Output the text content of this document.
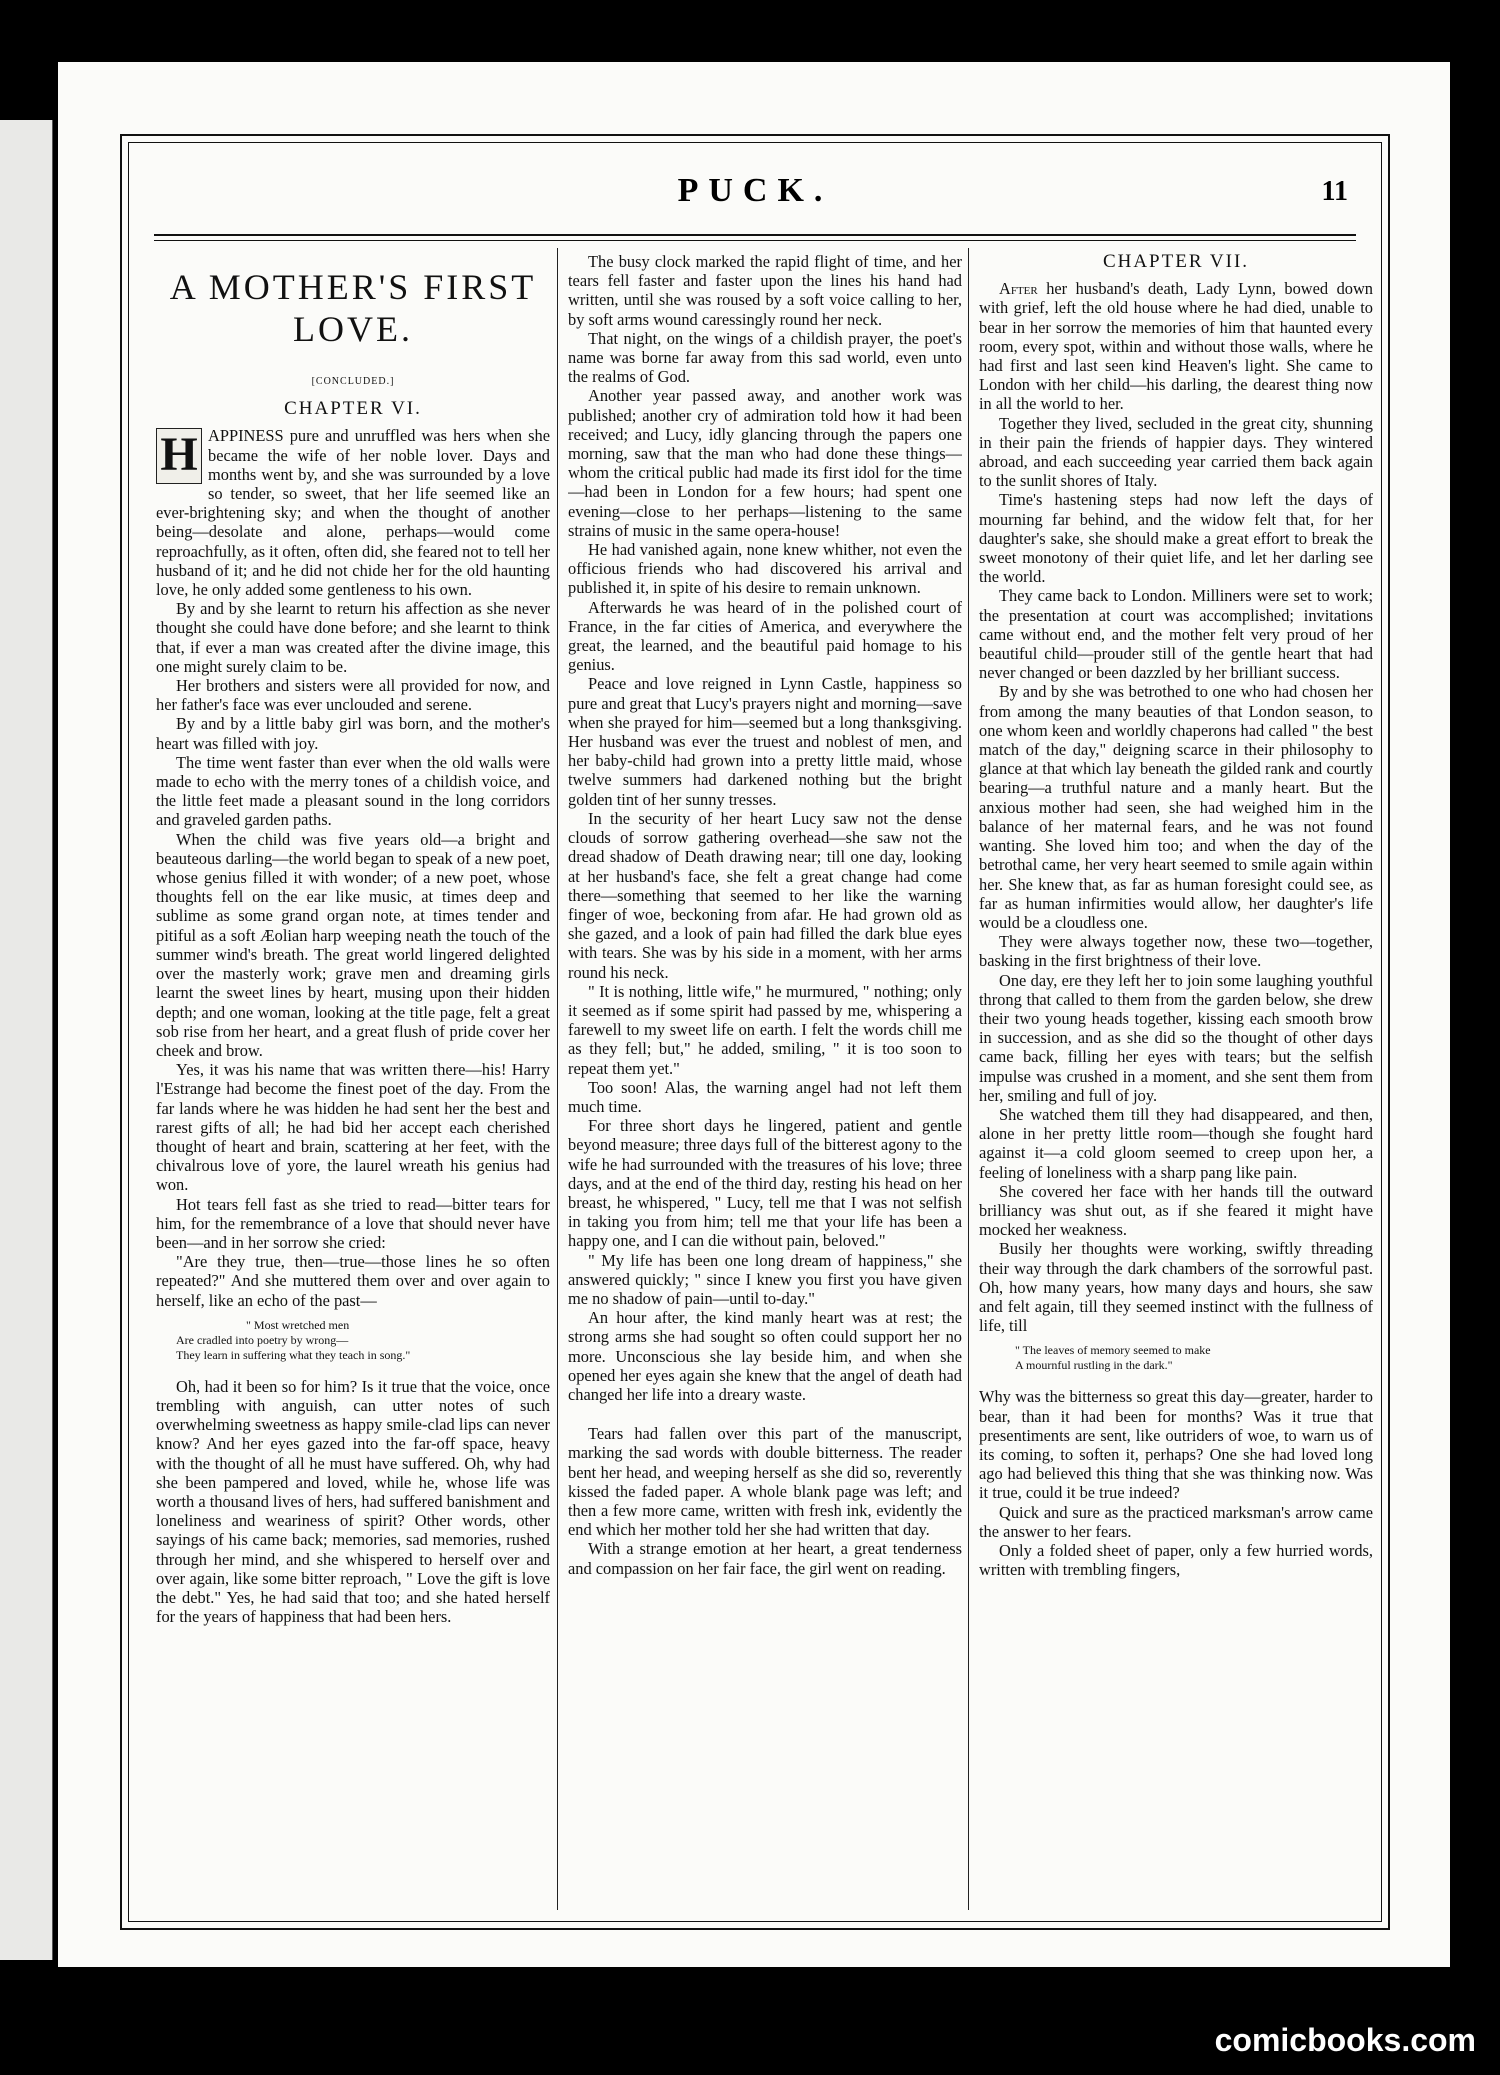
PUCK.	11
A MOTHER'S FIRST LOVE.
[CONCLUDED.]
CHAPTER VI.

H APPINESS pure and unruffled was hers when she became the wife of her noble lover. Days and months went by, and she was surrounded by a love so tender, so sweet, that her life seemed like an ever-brightening sky; and when the thought of another being—desolate and alone, perhaps—would come reproachfully, as it often, often did, she feared not to tell her husband of it; and he did not chide her for the old haunting love, he only added some gentleness to his own.

By and by she learnt to return his affection as she never thought she could have done before; and she learnt to think that, if ever a man was created after the divine image, this one might surely claim to be.

Her brothers and sisters were all provided for now, and her father's face was ever unclouded and serene.

By and by a little baby girl was born, and the mother's heart was filled with joy.

The time went faster than ever when the old walls were made to echo with the merry tones of a childish voice, and the little feet made a pleasant sound in the long corridors and graveled garden paths.

When the child was five years old—a bright and beauteous darling—the world began to speak of a new poet, whose genius filled it with wonder; of a new poet, whose thoughts fell on the ear like music, at times deep and sublime as some grand organ note, at times tender and pitiful as a soft Æolian harp weeping neath the touch of the summer wind's breath. The great world lingered delighted over the masterly work; grave men and dreaming girls learnt the sweet lines by heart, musing upon their hidden depth; and one woman, looking at the title page, felt a great sob rise from her heart, and a great flush of pride cover her cheek and brow.

Yes, it was his name that was written there—his! Harry l'Estrange had become the finest poet of the day. From the far lands where he was hidden he had sent her the best and rarest gifts of all; he had bid her accept each cherished thought of heart and brain, scattering at her feet, with the chivalrous love of yore, the laurel wreath his genius had won.

Hot tears fell fast as she tried to read—bitter tears for him, for the remembrance of a love that should never have been—and in her sorrow she cried:

"Are they true, then—true—those lines he so often repeated?" And she muttered them over and over again to herself, like an echo of the past—

" Most wretched men
Are cradled into poetry by wrong—
They learn in suffering what they teach in song."

Oh, had it been so for him? Is it true that the voice, once trembling with anguish, can utter notes of such overwhelming sweetness as happy smile-clad lips can never know? And her eyes gazed into the far-off space, heavy with the thought of all he must have suffered. Oh, why had she been pampered and loved, while he, whose life was worth a thousand lives of hers, had suffered banishment and loneliness and weariness of spirit? Other words, other sayings of his came back; memories, sad memories, rushed through her mind, and she whispered to herself over and over again, like some bitter reproach, " Love the gift is love the debt." Yes, he had said that too; and she hated herself for the years of happiness that had been hers.

The busy clock marked the rapid flight of time, and her tears fell faster and faster upon the lines his hand had written, until she was roused by a soft voice calling to her, by soft arms wound caressingly round her neck.

That night, on the wings of a childish prayer, the poet's name was borne far away from this sad world, even unto the realms of God.

Another year passed away, and another work was published; another cry of admiration told how it had been received; and Lucy, idly glancing through the papers one morning, saw that the man who had done these things—whom the critical public had made its first idol for the time—had been in London for a few hours; had spent one evening—close to her perhaps—listening to the same strains of music in the same opera-house!

He had vanished again, none knew whither, not even the officious friends who had discovered his arrival and published it, in spite of his desire to remain unknown.

Afterwards he was heard of in the polished court of France, in the far cities of America, and everywhere the great, the learned, and the beautiful paid homage to his genius.

Peace and love reigned in Lynn Castle, happiness so pure and great that Lucy's prayers night and morning—save when she prayed for him—seemed but a long thanksgiving. Her husband was ever the truest and noblest of men, and her baby-child had grown into a pretty little maid, whose twelve summers had darkened nothing but the bright golden tint of her sunny tresses.

In the security of her heart Lucy saw not the dense clouds of sorrow gathering overhead—she saw not the dread shadow of Death drawing near; till one day, looking at her husband's face, she felt a great change had come there—something that seemed to her like the warning finger of woe, beckoning from afar. He had grown old as she gazed, and a look of pain had filled the dark blue eyes with tears. She was by his side in a moment, with her arms round his neck.

" It is nothing, little wife," he murmured, " nothing; only it seemed as if some spirit had passed by me, whispering a farewell to my sweet life on earth. I felt the words chill me as they fell; but," he added, smiling, " it is too soon to repeat them yet."

Too soon! Alas, the warning angel had not left them much time.

For three short days he lingered, patient and gentle beyond measure; three days full of the bitterest agony to the wife he had surrounded with the treasures of his love; three days, and at the end of the third day, resting his head on her breast, he whispered, " Lucy, tell me that I was not selfish in taking you from him; tell me that your life has been a happy one, and I can die without pain, beloved."

" My life has been one long dream of happiness," she answered quickly; " since I knew you first you have given me no shadow of pain—until to-day."

An hour after, the kind manly heart was at rest; the strong arms she had sought so often could support her no more. Unconscious she lay beside him, and when she opened her eyes again she knew that the angel of death had changed her life into a dreary waste.

Tears had fallen over this part of the manuscript, marking the sad words with double bitterness. The reader bent her head, and weeping herself as she did so, reverently kissed the faded paper. A whole blank page was left; and then a few more came, written with fresh ink, evidently the end which her mother told her she had written that day.

With a strange emotion at her heart, a great tenderness and compassion on her fair face, the girl went on reading.

CHAPTER VII.

After her husband's death, Lady Lynn, bowed down with grief, left the old house where he had died, unable to bear in her sorrow the memories of him that haunted every room, every spot, within and without those walls, where he had first and last seen kind Heaven's light. She came to London with her child—his darling, the dearest thing now in all the world to her.

Together they lived, secluded in the great city, shunning in their pain the friends of happier days. They wintered abroad, and each succeeding year carried them back again to the sunlit shores of Italy.

Time's hastening steps had now left the days of mourning far behind, and the widow felt that, for her daughter's sake, she should make a great effort to break the sweet monotony of their quiet life, and let her darling see the world.

They came back to London. Milliners were set to work; the presentation at court was accomplished; invitations came without end, and the mother felt very proud of her beautiful child—prouder still of the gentle heart that had never changed or been dazzled by her brilliant success.

By and by she was betrothed to one who had chosen her from among the many beauties of that London season, to one whom keen and worldly chaperons had called " the best match of the day," deigning scarce in their philosophy to glance at that which lay beneath the gilded rank and courtly bearing—a truthful nature and a manly heart. But the anxious mother had seen, she had weighed him in the balance of her maternal fears, and he was not found wanting. She loved him too; and when the day of the betrothal came, her very heart seemed to smile again within her. She knew that, as far as human foresight could see, as far as human infirmities would allow, her daughter's life would be a cloudless one.

They were always together now, these two—together, basking in the first brightness of their love.

One day, ere they left her to join some laughing youthful throng that called to them from the garden below, she drew their two young heads together, kissing each smooth brow in succession, and as she did so the thought of other days came back, filling her eyes with tears; but the selfish impulse was crushed in a moment, and she sent them from her, smiling and full of joy.

She watched them till they had disappeared, and then, alone in her pretty little room—though she fought hard against it—a cold gloom seemed to creep upon her, a feeling of loneliness with a sharp pang like pain.

She covered her face with her hands till the outward brilliancy was shut out, as if she feared it might have mocked her weakness.

Busily her thoughts were working, swiftly threading their way through the dark chambers of the sorrowful past. Oh, how many years, how many days and hours, she saw and felt again, till they seemed instinct with the fullness of life, till

" The leaves of memory seemed to make
A mournful rustling in the dark."

Why was the bitterness so great this day—greater, harder to bear, than it had been for months? Was it true that presentiments are sent, like outriders of woe, to warn us of its coming, to soften it, perhaps? One she had loved long ago had believed this thing that she was thinking now. Was it true, could it be true indeed?

Quick and sure as the practiced marksman's arrow came the answer to her fears.

Only a folded sheet of paper, only a few hurried words, written with trembling fingers,

comicbooks.com
